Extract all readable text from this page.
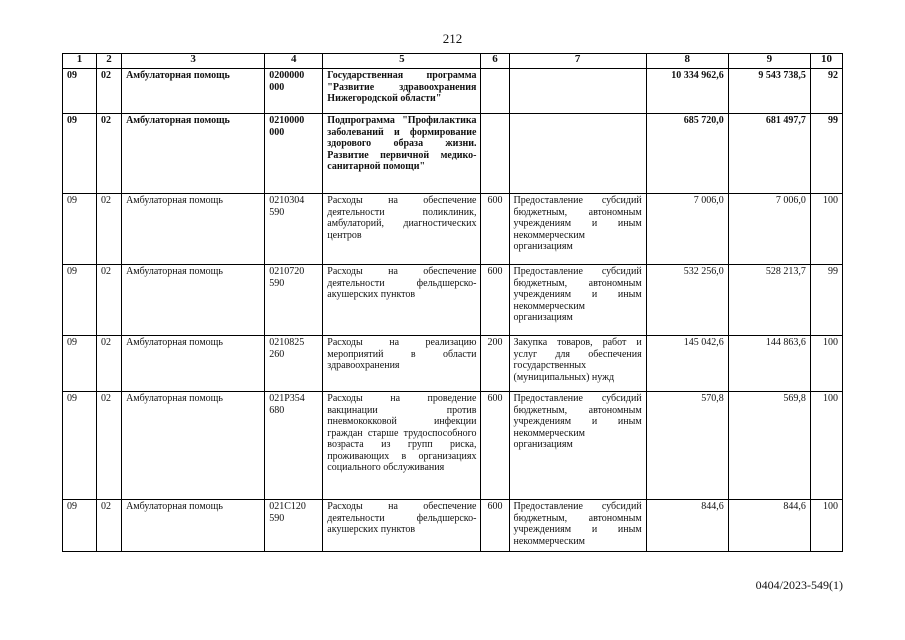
212
1	2	3	4	5	6	7	8	9	10
09	02	Амбулаторная помощь	0200000 000	Государственная программа "Развитие здравоохранения Нижегородской области"			10 334 962,6	9 543 738,5	92
09	02	Амбулаторная помощь	0210000 000	Подпрограмма "Профилактика заболеваний и формирование здорового образа жизни. Развитие первичной медико-санитарной помощи"			685 720,0	681 497,7	99
09	02	Амбулаторная помощь	0210304 590	Расходы на обеспечение деятельности поликлиник, амбулаторий, диагностических центров	600	Предоставление субсидий бюджетным, автономным учреждениям и иным некоммерческим организациям	7 006,0	7 006,0	100
09	02	Амбулаторная помощь	0210720 590	Расходы на обеспечение деятельности фельдшерско-акушерских пунктов	600	Предоставление субсидий бюджетным, автономным учреждениям и иным некоммерческим организациям	532 256,0	528 213,7	99
09	02	Амбулаторная помощь	0210825 260	Расходы на реализацию мероприятий в области здравоохранения	200	Закупка товаров, работ и услуг для обеспечения государственных (муниципальных) нужд	145 042,6	144 863,6	100
09	02	Амбулаторная помощь	021P354 680	Расходы на проведение вакцинации против пневмококковой инфекции граждан старше трудоспособного возраста из групп риска, проживающих в организациях социального обслуживания	600	Предоставление субсидий бюджетным, автономным учреждениям и иным некоммерческим организациям	570,8	569,8	100
09	02	Амбулаторная помощь	021С120 590	Расходы на обеспечение деятельности фельдшерско-акушерских пунктов	600	Предоставление субсидий бюджетным, автономным учреждениям и иным некоммерческим	844,6	844,6	100
0404/2023-549(1)
